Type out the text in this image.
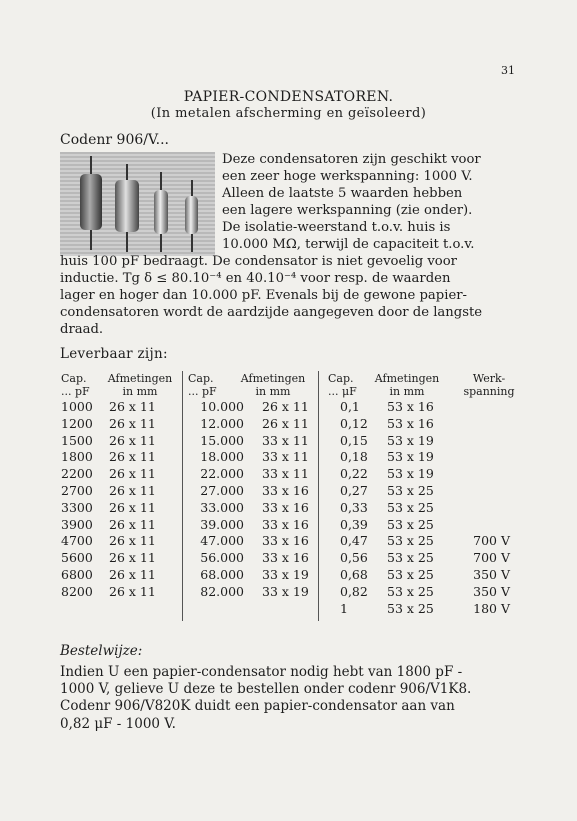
31
PAPIER-CONDENSATOREN.
(In metalen afscherming en geïsoleerd)
Codenr 906/V...
Deze condensatoren zijn geschikt voor
een zeer hoge werkspanning: 1000 V.
Alleen de laatste 5 waarden hebben
een lagere werkspanning (zie onder).
De isolatie-weerstand t.o.v. huis is
10.000 MΩ, terwijl de capaciteit t.o.v.
huis 100 pF bedraagt. De condensator is niet gevoelig voor
inductie. Tg δ ≤ 80.10⁻⁴ en 40.10⁻⁴ voor resp. de waarden
lager en hoger dan 10.000 pF. Evenals bij de gewone papier-
condensatoren wordt de aardzijde aangegeven door de langste
draad.
Leverbaar zijn:
Cap.
... pF
Afmetingen
in mm
Cap.
... pF
Afmetingen
in mm
Cap.
... μF
Afmetingen
in mm
Werk-
spanning
1000
1200
1500
1800
2200
2700
3300
3900
4700
5600
6800
8200
26 x 11
26 x 11
26 x 11
26 x 11
26 x 11
26 x 11
26 x 11
26 x 11
26 x 11
26 x 11
26 x 11
26 x 11
10.000
12.000
15.000
18.000
22.000
27.000
33.000
39.000
47.000
56.000
68.000
82.000
26 x 11
26 x 11
33 x 11
33 x 11
33 x 11
33 x 16
33 x 16
33 x 16
33 x 16
33 x 16
33 x 19
33 x 19
0,1
0,12
0,15
0,18
0,22
0,27
0,33
0,39
0,47
0,56
0,68
0,82
1
53 x 16
53 x 16
53 x 19
53 x 19
53 x 19
53 x 25
53 x 25
53 x 25
53 x 25
53 x 25
53 x 25
53 x 25
53 x 25
700 V
700 V
350 V
350 V
180 V
Bestelwijze:
Indien U een papier-condensator nodig hebt van 1800 pF -
1000 V, gelieve U deze te bestellen onder codenr 906/V1K8.
Codenr 906/V820K duidt een papier-condensator aan van
0,82 μF - 1000 V.
